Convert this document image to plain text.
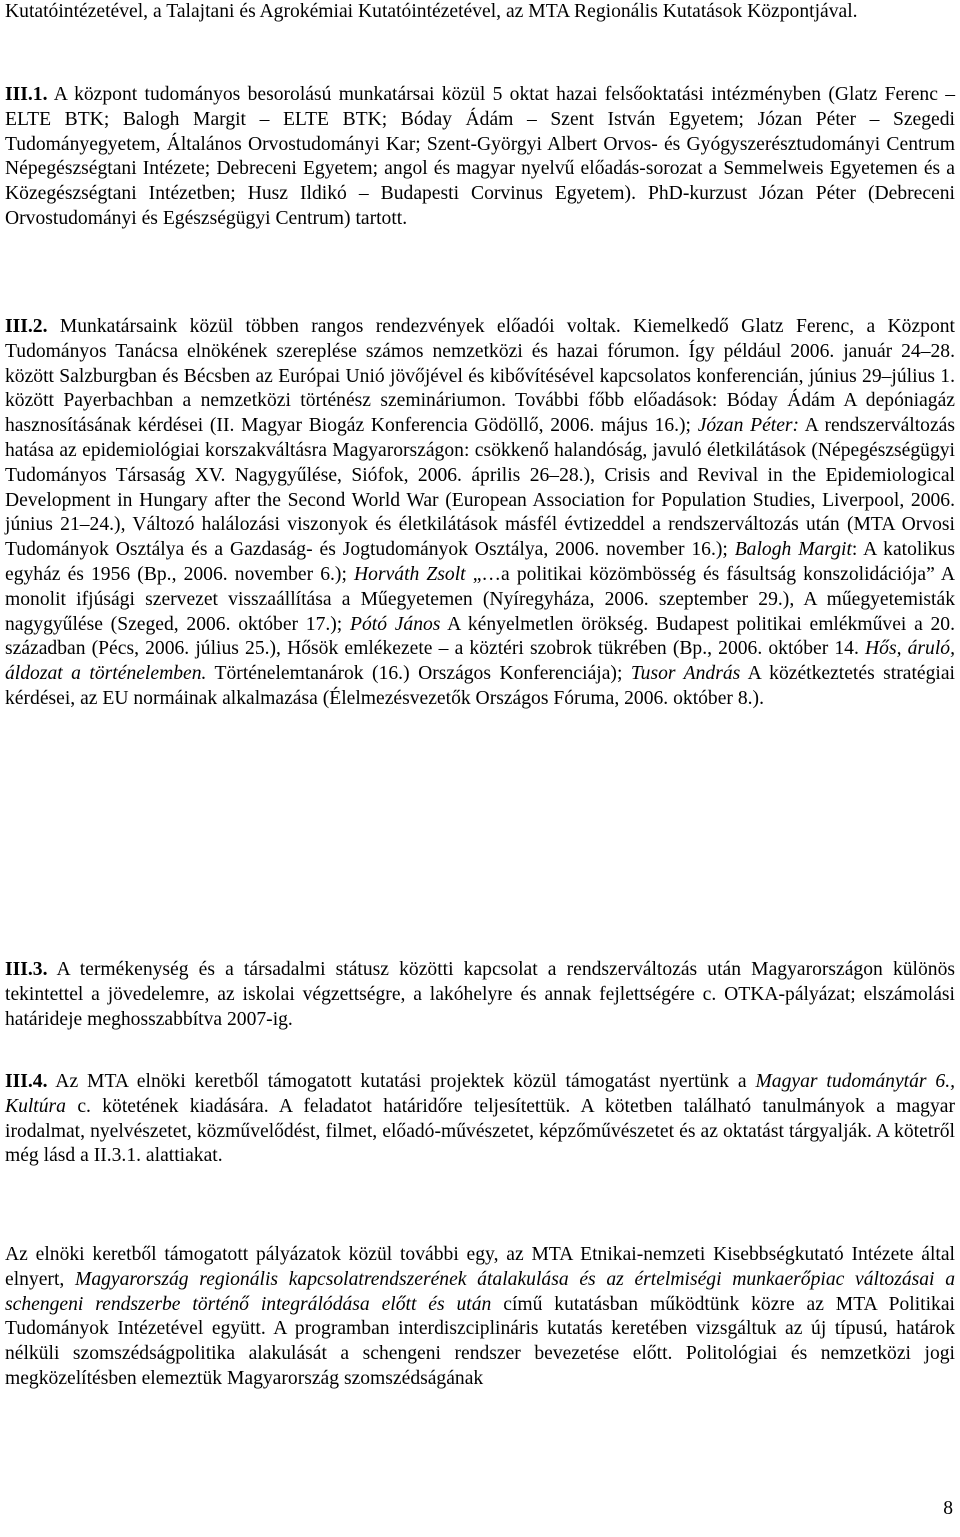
Kutatóintézetével, a Talajtani és Agrokémiai Kutatóintézetével, az MTA Regionális Kutatások Központjával.

III.1. A központ tudományos besorolású munkatársai közül 5 oktat hazai felsőoktatási intézményben (Glatz Ferenc – ELTE BTK; Balogh Margit – ELTE BTK; Bóday Ádám – Szent István Egyetem; Józan Péter – Szegedi Tudományegyetem, Általános Orvostudományi Kar; Szent-Györgyi Albert Orvos- és Gyógyszerésztudományi Centrum Népegészségtani Intézete; Debreceni Egyetem; angol és magyar nyelvű előadás-sorozat a Semmelweis Egyetemen és a Közegészségtani Intézetben; Husz Ildikó – Budapesti Corvinus Egyetem). PhD-kurzust Józan Péter (Debreceni Orvostudományi és Egészségügyi Centrum) tartott.

III.2. Munkatársaink közül többen rangos rendezvények előadói voltak. Kiemelkedő Glatz Ferenc, a Központ Tudományos Tanácsa elnökének szereplése számos nemzetközi és hazai fórumon. Így például 2006. január 24–28. között Salzburgban és Bécsben az Európai Unió jövőjével és kibővítésével kapcsolatos konferencián, június 29–július 1. között Payerbachban a nemzetközi történész szemináriumon. További főbb előadások: Bóday Ádám A depóniagáz hasznosításának kérdései (II. Magyar Biogáz Konferencia Gödöllő, 2006. május 16.); Józan Péter: A rendszerváltozás hatása az epidemiológiai korszakváltásra Magyarországon: csökkenő halandóság, javuló életkilátások (Népegészségügyi Tudományos Társaság XV. Nagygyűlése, Siófok, 2006. április 26–28.), Crisis and Revival in the Epidemiological Development in Hungary after the Second World War (European Association for Population Studies, Liverpool, 2006. június 21–24.), Változó halálozási viszonyok és életkilátások másfél évtizeddel a rendszerváltozás után (MTA Orvosi Tudományok Osztálya és a Gazdaság- és Jogtudományok Osztálya, 2006. november 16.); Balogh Margit: A katolikus egyház és 1956 (Bp., 2006. november 6.); Horváth Zsolt „…a politikai közömbösség és fásultság konszolidációja” A monolit ifjúsági szervezet visszaállítása a Műegyetemen (Nyíregyháza, 2006. szeptember 29.), A műegyetemisták nagygyűlése (Szeged, 2006. október 17.); Pótó János A kényelmetlen örökség. Budapest politikai emlékművei a 20. században (Pécs, 2006. július 25.), Hősök emlékezete – a köztéri szobrok tükrében (Bp., 2006. október 14. Hős, áruló, áldozat a történelemben. Történelemtanárok (16.) Országos Konferenciája); Tusor András A közétkeztetés stratégiai kérdései, az EU normáinak alkalmazása (Élelmezésvezetők Országos Fóruma, 2006. október 8.).

III.3. A termékenység és a társadalmi státusz közötti kapcsolat a rendszerváltozás után Magyarországon különös tekintettel a jövedelemre, az iskolai végzettségre, a lakóhelyre és annak fejlettségére c. OTKA-pályázat; elszámolási határideje meghosszabbítva 2007-ig.

III.4. Az MTA elnöki keretből támogatott kutatási projektek közül támogatást nyertünk a Magyar tudománytár 6., Kultúra c. kötetének kiadására. A feladatot határidőre teljesítettük. A kötetben található tanulmányok a magyar irodalmat, nyelvészetet, közművelődést, filmet, előadó-művészetet, képzőművészetet és az oktatást tárgyalják. A kötetről még lásd a II.3.1. alattiakat.

Az elnöki keretből támogatott pályázatok közül további egy, az MTA Etnikai-nemzeti Kisebbségkutató Intézete által elnyert, Magyarország regionális kapcsolatrendszerének átalakulása és az értelmiségi munkaerőpiac változásai a schengeni rendszerbe történő integrálódása előtt és után című kutatásban működtünk közre az MTA Politikai Tudományok Intézetével együtt. A programban interdiszciplináris kutatás keretében vizsgáltuk az új típusú, határok nélküli szomszédságpolitika alakulását a schengeni rendszer bevezetése előtt. Politológiai és nemzetközi jogi megközelítésben elemeztük Magyarország szomszédságának

8
